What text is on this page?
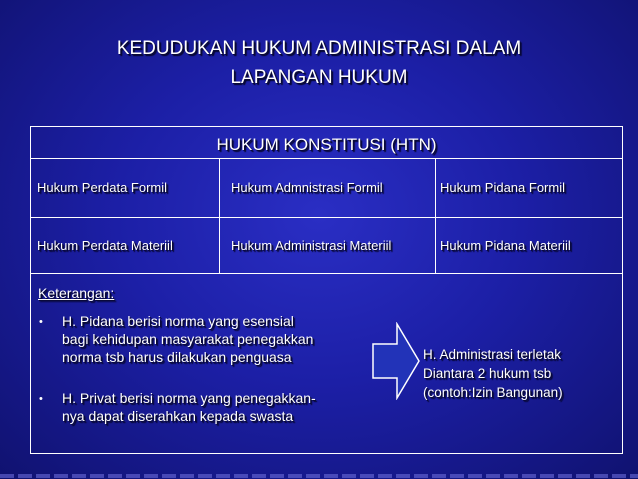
KEDUDUKAN HUKUM ADMINISTRASI DALAM
LAPANGAN HUKUM
HUKUM KONSTITUSI (HTN)
Hukum Perdata Formil	Hukum Admnistrasi Formil	Hukum Pidana Formil
Hukum Perdata Materiil	Hukum Administrasi Materiil	Hukum Pidana Materiil
Keterangan:
• H. Pidana berisi norma yang esensial
bagi kehidupan masyarakat penegakkan
norma tsb harus dilakukan penguasa
• H. Privat berisi norma yang penegakkan-
nya dapat diserahkan kepada swasta
H. Administrasi terletak
Diantara 2 hukum tsb
(contoh:Izin Bangunan)
